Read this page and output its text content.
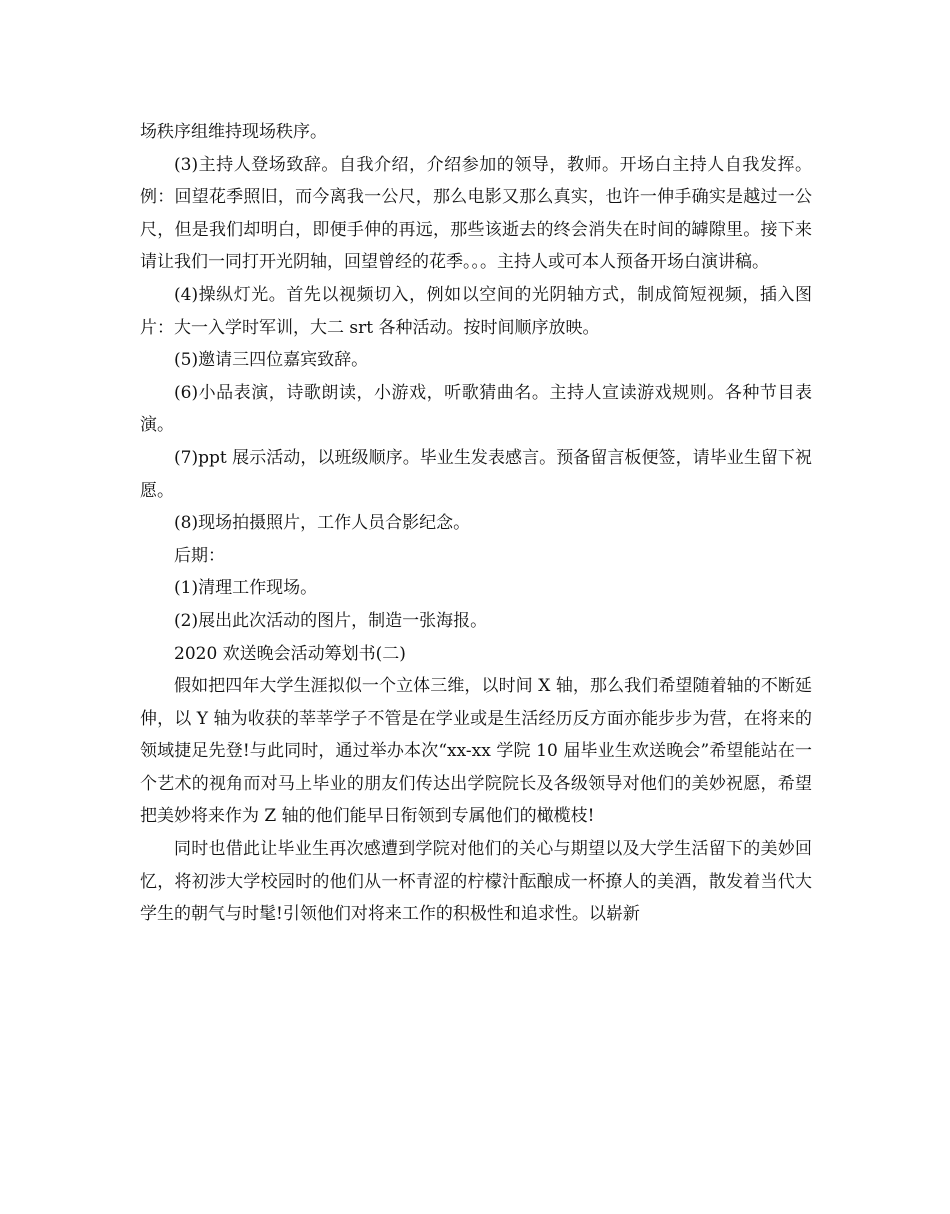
场秩序组维持现场秩序。

(3)主持人登场致辞。自我介绍，介绍参加的领导，教师。开场白主持人自我发挥。例：回望花季照旧，而今离我一公尺，那么电影又那么真实，也许一伸手确实是越过一公尺，但是我们却明白，即便手伸的再远，那些该逝去的终会消失在时间的罅隙里。接下来请让我们一同打开光阴轴，回望曾经的花季。。。主持人或可本人预备开场白演讲稿。

(4)操纵灯光。首先以视频切入，例如以空间的光阴轴方式，制成简短视频，插入图片：大一入学时军训，大二 srt 各种活动。按时间顺序放映。

(5)邀请三四位嘉宾致辞。

(6)小品表演，诗歌朗读，小游戏，听歌猜曲名。主持人宣读游戏规则。各种节目表演。

(7)ppt 展示活动，以班级顺序。毕业生发表感言。预备留言板便签，请毕业生留下祝愿。

(8)现场拍摄照片，工作人员合影纪念。

后期：

(1)清理工作现场。

(2)展出此次活动的图片，制造一张海报。

2020 欢送晚会活动筹划书(二)

假如把四年大学生涯拟似一个立体三维，以时间 X 轴，那么我们希望随着轴的不断延伸，以 Y 轴为收获的莘莘学子不管是在学业或是生活经历反方面亦能步步为营，在将来的领域捷足先登!与此同时，通过举办本次“xx-xx 学院 10 届毕业生欢送晚会”希望能站在一个艺术的视角而对马上毕业的朋友们传达出学院院长及各级领导对他们的美妙祝愿，希望把美妙将来作为 Z 轴的他们能早日衔领到专属他们的橄榄枝!

同时也借此让毕业生再次感遭到学院对他们的关心与期望以及大学生活留下的美妙回忆，将初涉大学校园时的他们从一杯青涩的柠檬汁酝酿成一杯撩人的美酒，散发着当代大学生的朝气与时髦!引领他们对将来工作的积极性和追求性。以崭新
